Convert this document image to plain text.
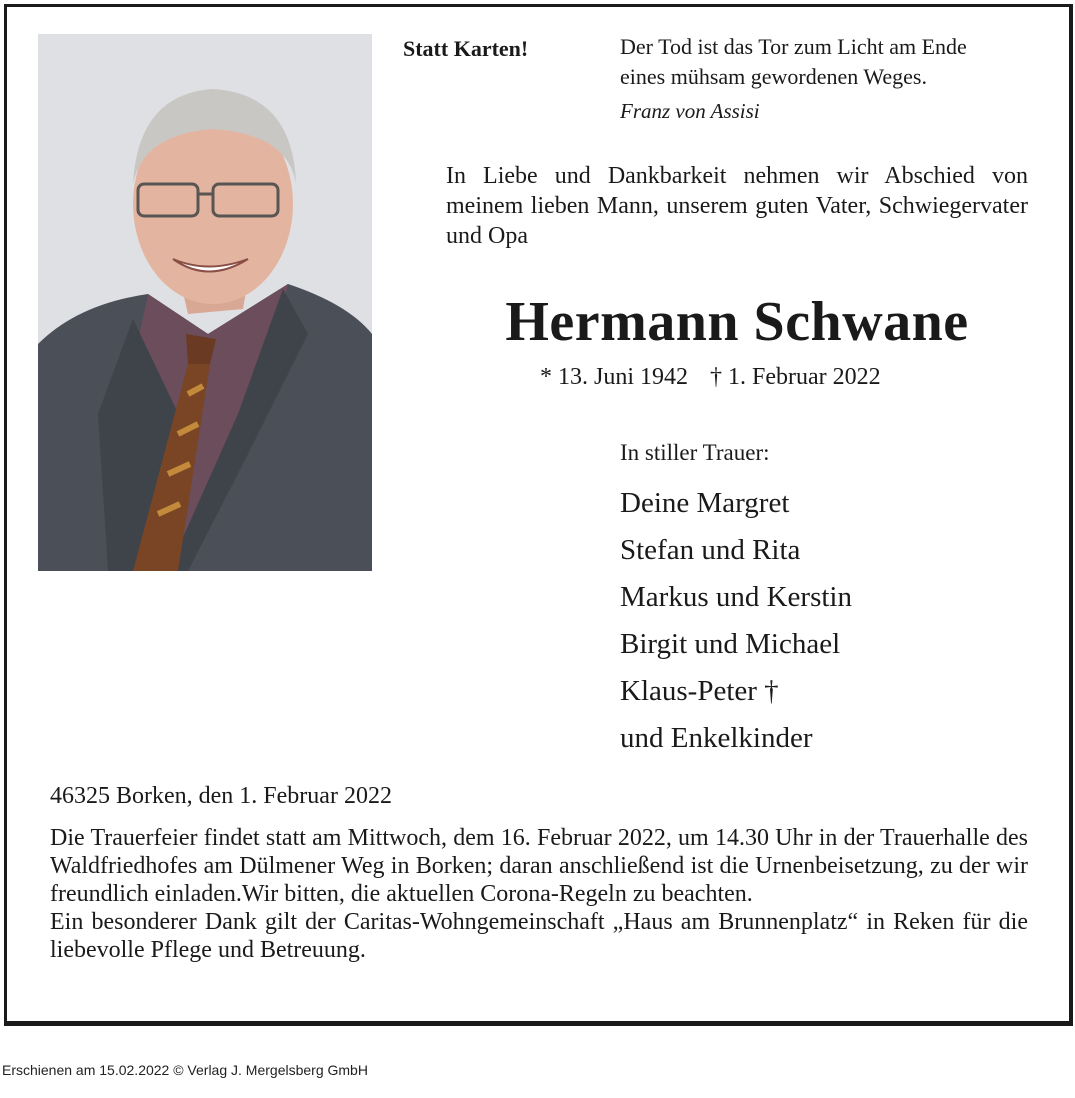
Statt Karten!	Der Tod ist das Tor zum Licht am Ende
eines mühsam gewordenen Weges.
Franz von Assisi
In Liebe und Dankbarkeit nehmen wir Abschied von meinem lieben Mann, unserem guten Vater, Schwiegervater und Opa
Hermann Schwane
* 13. Juni 1942 † 1. Februar 2022
In stiller Trauer:
Deine Margret
Stefan und Rita
Markus und Kerstin
Birgit und Michael
Klaus-Peter †
und Enkelkinder
46325 Borken, den 1. Februar 2022

Die Trauerfeier findet statt am Mittwoch, dem 16. Februar 2022, um 14.30 Uhr in der Trauerhalle des Waldfriedhofes am Dülmener Weg in Borken; daran anschließend ist die Urnenbeisetzung, zu der wir freundlich einladen.Wir bitten, die aktuellen Corona-Regeln zu beachten.

Ein besonderer Dank gilt der Caritas-Wohngemeinschaft „Haus am Brunnenplatz“ in Reken für die liebevolle Pflege und Betreuung.

Erschienen am 15.02.2022 © Verlag J. Mergelsberg GmbH
